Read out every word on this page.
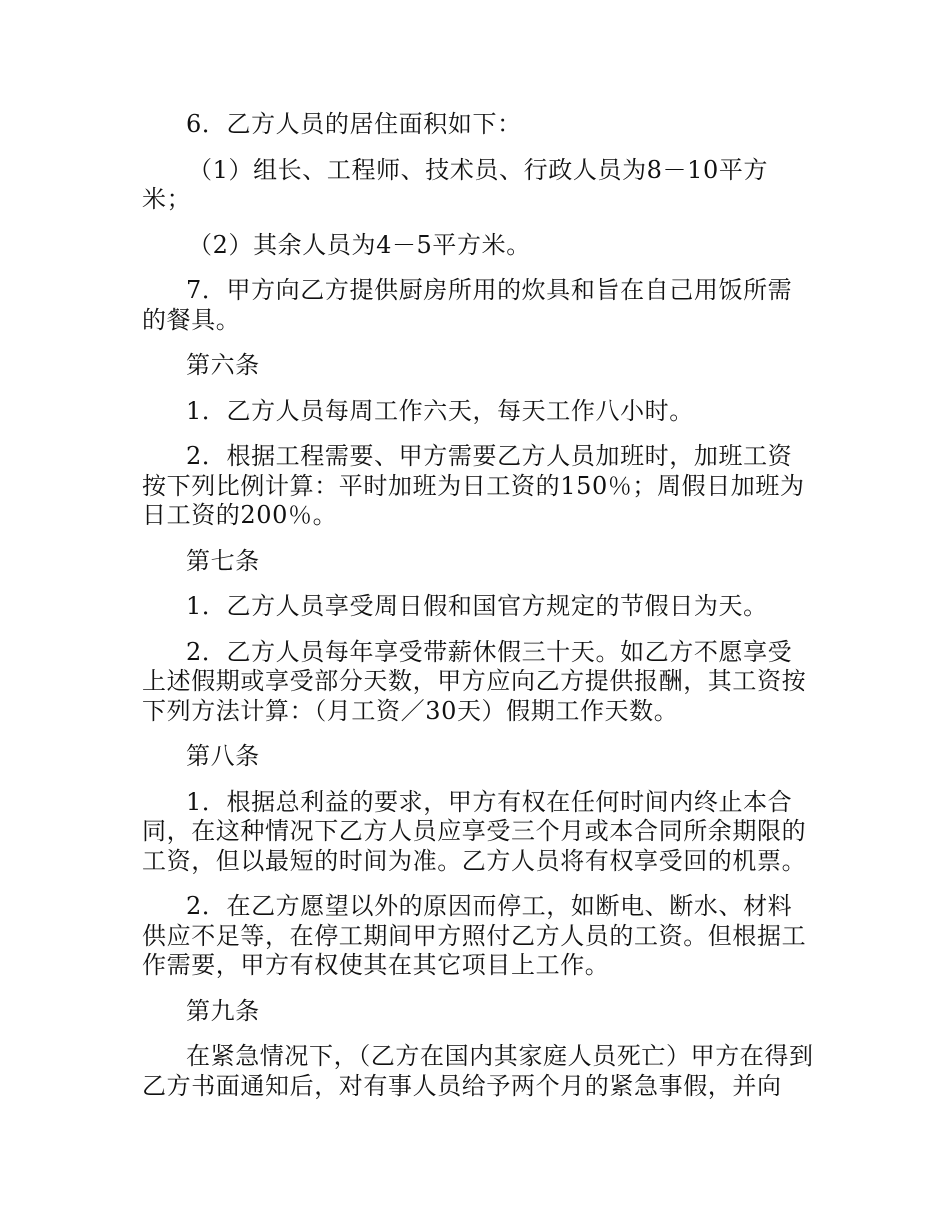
6．乙方人员的居住面积如下：

（1）组长、工程师、技术员、行政人员为8－10平方米；

（2）其余人员为4－5平方米。

7．甲方向乙方提供厨房所用的炊具和旨在自己用饭所需的餐具。

第六条

1．乙方人员每周工作六天，每天工作八小时。

2．根据工程需要、甲方需要乙方人员加班时，加班工资按下列比例计算：平时加班为日工资的150％；周假日加班为日工资的200％。

第七条

1．乙方人员享受周日假和国官方规定的节假日为天。

2．乙方人员每年享受带薪休假三十天。如乙方不愿享受上述假期或享受部分天数，甲方应向乙方提供报酬，其工资按下列方法计算：（月工资／30天）假期工作天数。

第八条

1．根据总利益的要求，甲方有权在任何时间内终止本合同，在这种情况下乙方人员应享受三个月或本合同所余期限的工资，但以最短的时间为准。乙方人员将有权享受回的机票。

2．在乙方愿望以外的原因而停工，如断电、断水、材料供应不足等，在停工期间甲方照付乙方人员的工资。但根据工作需要，甲方有权使其在其它项目上工作。

第九条

在紧急情况下，（乙方在国内其家庭人员死亡）甲方在得到乙方书面通知后，对有事人员给予两个月的紧急事假，并向
